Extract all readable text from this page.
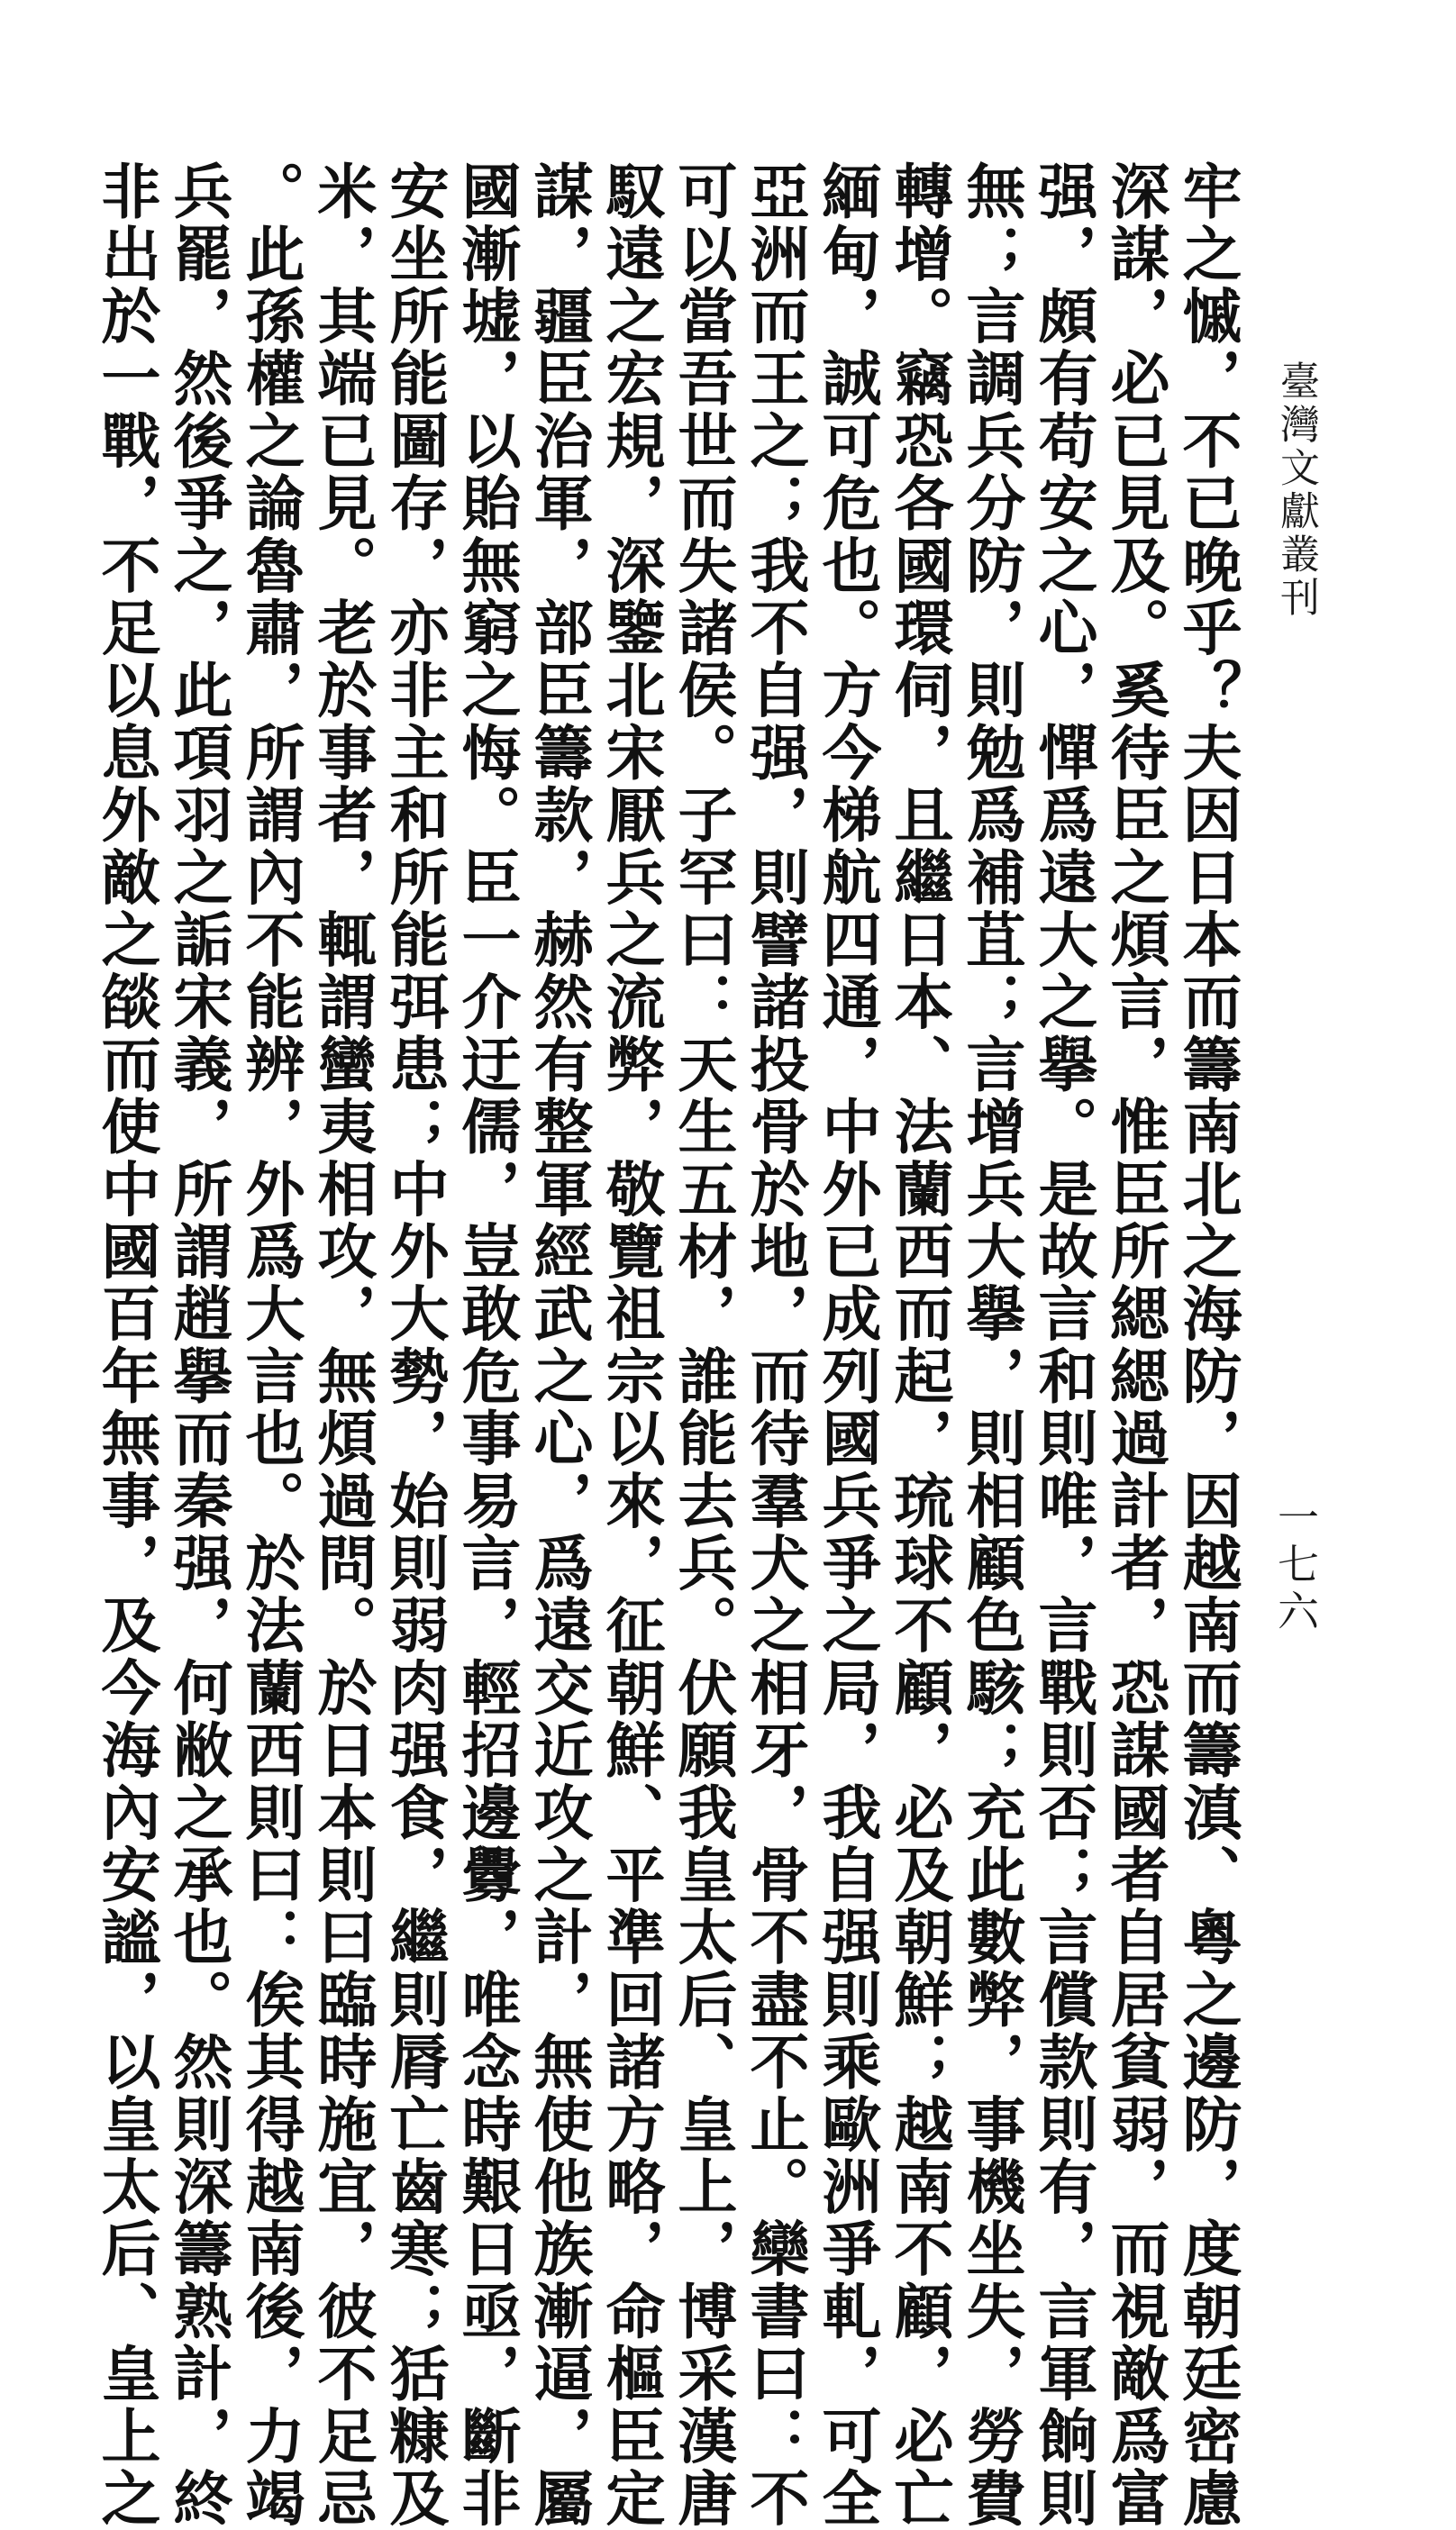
臺灣文獻叢刊
一七六
牢之慽，不已晚乎？夫因日本而籌南北之海防，因越南而籌滇、粵之邊防，度朝廷密慮
深謀，必已見及。奚待臣之煩言，惟臣所緦緦過計者，恐謀國者自居貧弱，而視敵爲富
强，頗有苟安之心，憚爲遠大之擧。是故言和則唯，言戰則否；言償款則有，言軍餉則
無；言調兵分防，則勉爲補苴；言增兵大擧，則相顧色駭；充此數弊，事機坐失，勞費
轉增。竊恐各國環伺，且繼日本、法蘭西而起，琉球不顧，必及朝鮮；越南不顧，必亡
緬甸，誠可危也。方今梯航四通，中外已成列國兵爭之局，我自强則乘歐洲爭軋，可全
亞洲而王之；我不自强，則譬諸投骨於地，而待羣犬之相牙，骨不盡不止。欒書曰：不
可以當吾世而失諸侯。子罕曰：天生五材，誰能去兵。伏願我皇太后、皇上，博采漢唐
馭遠之宏規，深鑒北宋厭兵之流弊，敬覽祖宗以來，征朝鮮、平準回諸方略，命樞臣定
謀，疆臣治軍，部臣籌款，赫然有整軍經武之心，爲遠交近攻之計，無使他族漸逼，屬
國漸墟，以貽無窮之悔。臣一介迂儒，豈敢危事易言，輕招邊釁，唯念時艱日亟，斷非
安坐所能圖存，亦非主和所能弭患；中外大勢，始則弱肉强食，繼則脣亡齒寒；狧糠及
米，其端已見。老於事者，輒謂蠻夷相攻，無煩過問。於日本則曰臨時施宜，彼不足忌
。此孫權之論魯肅，所謂內不能辨，外爲大言也。於法蘭西則曰：俟其得越南後，力竭
兵罷，然後爭之，此項羽之詬宋義，所謂趙擧而秦强，何敝之承也。然則深籌熟計，終
非出於一戰，不足以息外敵之燄而使中國百年無事，及今海內安謐，以皇太后、皇上之
